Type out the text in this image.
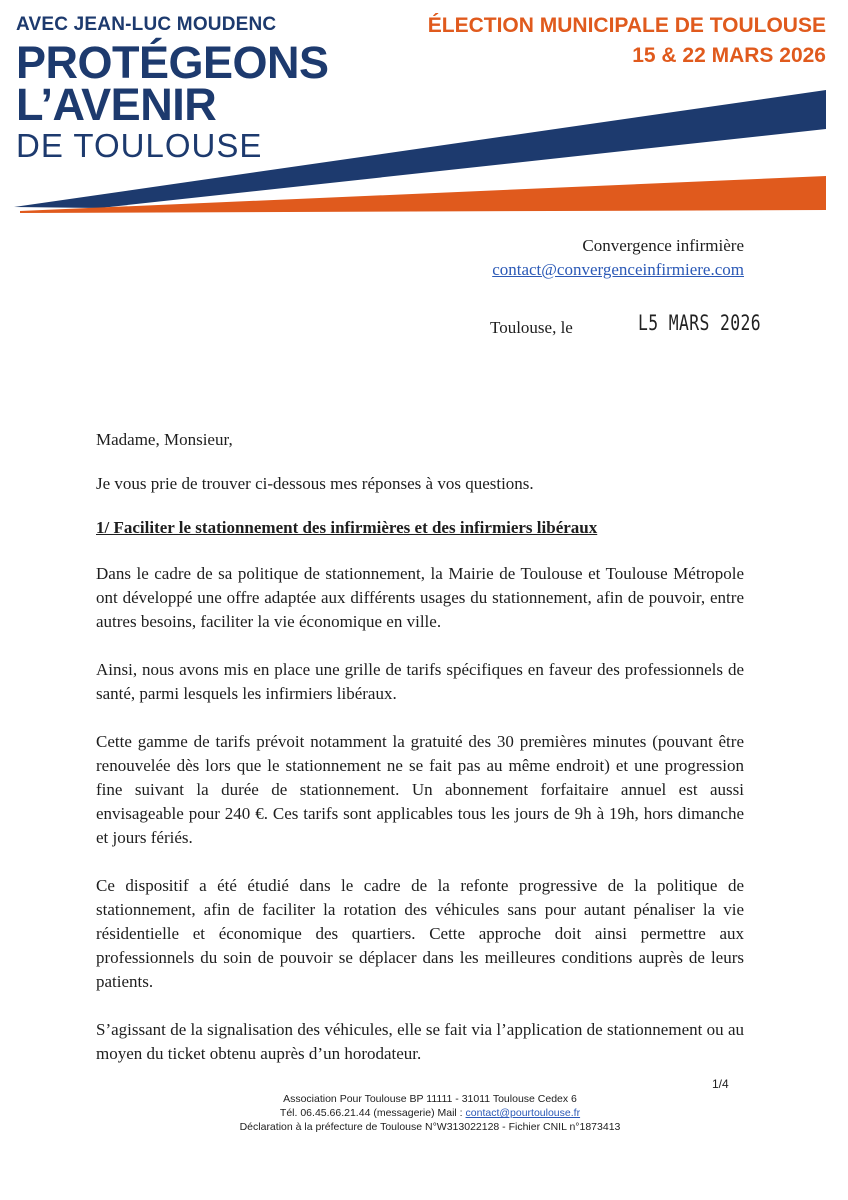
AVEC JEAN-LUC MOUDENC
PROTÉGEONS
L’AVENIR
DE TOULOUSE
ÉLECTION MUNICIPALE DE TOULOUSE
15 & 22 MARS 2026
Convergence infirmière
contact@convergenceinfirmiere.com
Toulouse, le	L5 MARS 2026

Madame, Monsieur,

Je vous prie de trouver ci-dessous mes réponses à vos questions.

1/ Faciliter le stationnement des infirmières et des infirmiers libéraux

Dans le cadre de sa politique de stationnement, la Mairie de Toulouse et Toulouse Métropole ont développé une offre adaptée aux différents usages du stationnement, afin de pouvoir, entre autres besoins, faciliter la vie économique en ville.

Ainsi, nous avons mis en place une grille de tarifs spécifiques en faveur des professionnels de santé, parmi lesquels les infirmiers libéraux.

Cette gamme de tarifs prévoit notamment la gratuité des 30 premières minutes (pouvant être renouvelée dès lors que le stationnement ne se fait pas au même endroit) et une progression fine suivant la durée de stationnement. Un abonnement forfaitaire annuel est aussi envisageable pour 240 €. Ces tarifs sont applicables tous les jours de 9h à 19h, hors dimanche et jours fériés.

Ce dispositif a été étudié dans le cadre de la refonte progressive de la politique de stationnement, afin de faciliter la rotation des véhicules sans pour autant pénaliser la vie résidentielle et économique des quartiers. Cette approche doit ainsi permettre aux professionnels du soin de pouvoir se déplacer dans les meilleures conditions auprès de leurs patients.

S’agissant de la signalisation des véhicules, elle se fait via l’application de stationnement ou au moyen du ticket obtenu auprès d’un horodateur.

1/4
Association Pour Toulouse BP 11111 - 31011 Toulouse Cedex 6
Tél. 06.45.66.21.44 (messagerie) Mail : contact@pourtoulouse.fr
Déclaration à la préfecture de Toulouse N°W313022128 - Fichier CNIL n°1873413
